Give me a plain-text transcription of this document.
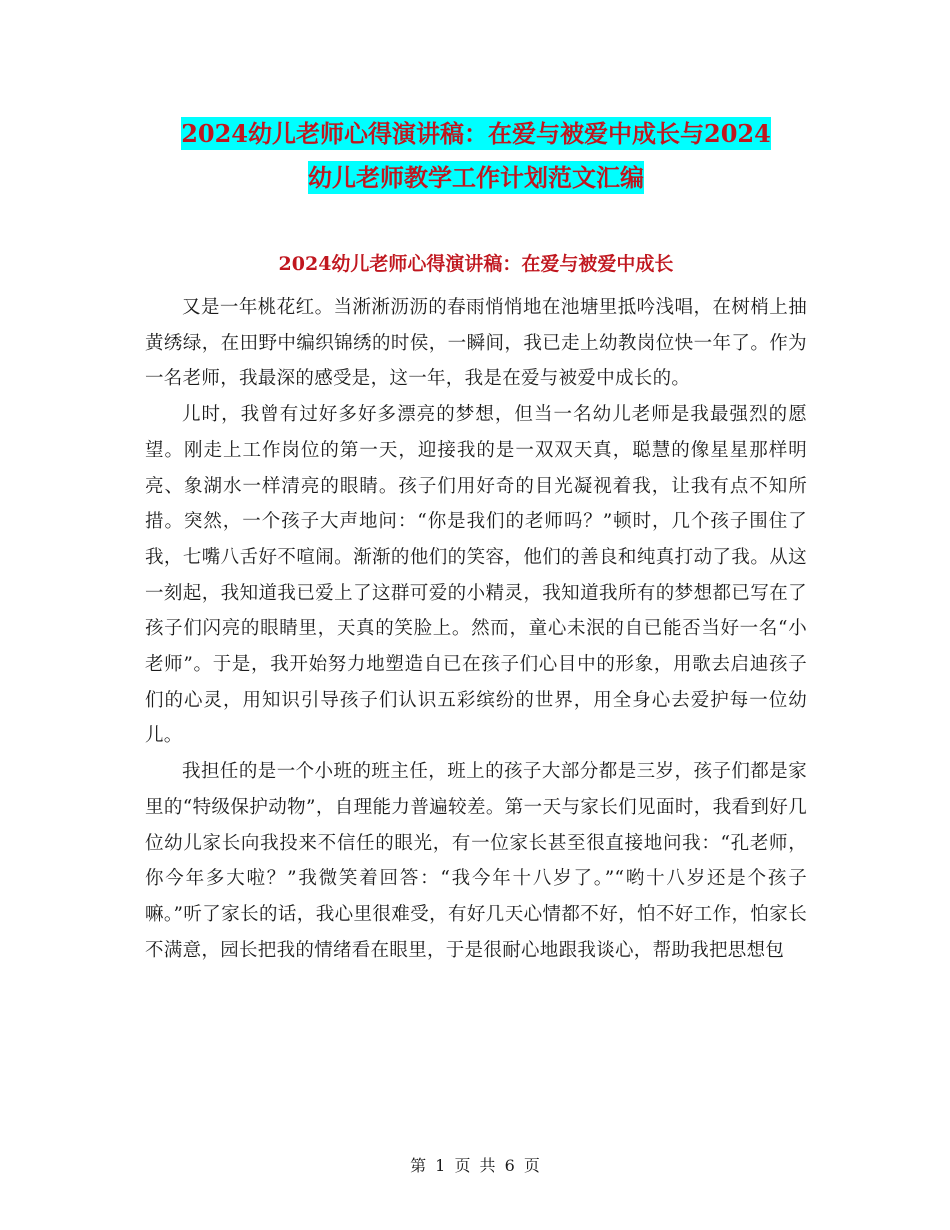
2024幼儿老师心得演讲稿：在爱与被爱中成长与2024
幼儿老师教学工作计划范文汇编
2024幼儿老师心得演讲稿：在爱与被爱中成长

又是一年桃花红。当淅淅沥沥的春雨悄悄地在池塘里抵吟浅唱，在树梢上抽黄绣绿，在田野中编织锦绣的时侯，一瞬间，我已走上幼教岗位快一年了。作为一名老师，我最深的感受是，这一年，我是在爱与被爱中成长的。

儿时，我曾有过好多好多漂亮的梦想，但当一名幼儿老师是我最强烈的愿望。刚走上工作岗位的第一天，迎接我的是一双双天真，聪慧的像星星那样明亮、象湖水一样清亮的眼睛。孩子们用好奇的目光凝视着我，让我有点不知所措。突然，一个孩子大声地问：“你是我们的老师吗？”顿时，几个孩子围住了我，七嘴八舌好不喧闹。渐渐的他们的笑容，他们的善良和纯真打动了我。从这一刻起，我知道我已爱上了这群可爱的小精灵，我知道我所有的梦想都已写在了孩子们闪亮的眼睛里，天真的笑脸上。然而，童心未泯的自已能否当好一名“小老师”。于是，我开始努力地塑造自已在孩子们心目中的形象，用歌去启迪孩子们的心灵，用知识引导孩子们认识五彩缤纷的世界，用全身心去爱护每一位幼儿。

我担任的是一个小班的班主任，班上的孩子大部分都是三岁，孩子们都是家里的“特级保护动物”，自理能力普遍较差。第一天与家长们见面时，我看到好几位幼儿家长向我投来不信任的眼光，有一位家长甚至很直接地问我：“孔老师，你今年多大啦？”我微笑着回答：“我今年十八岁了。”“哟十八岁还是个孩子嘛。”听了家长的话，我心里很难受，有好几天心情都不好，怕不好工作，怕家长不满意，园长把我的情绪看在眼里，于是很耐心地跟我谈心，帮助我把思想包

第 1 页 共 6 页
